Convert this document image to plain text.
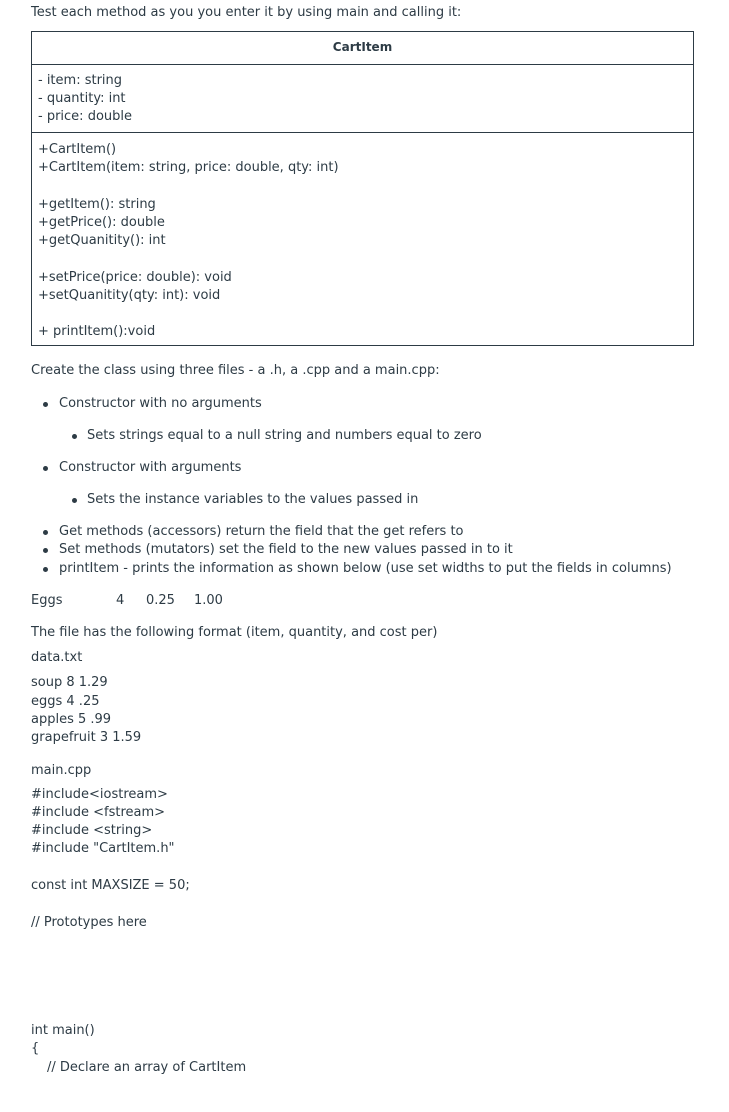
Test each method as you you enter it by using main and calling it:
CartItem
- item: string
- quantity: int
- price: double
+CartItem()
+CartItem(item: string, price: double, qty: int)
+getItem(): string
+getPrice(): double
+getQuanitity(): int
+setPrice(price: double): void
+setQuanitity(qty: int): void
+ printItem():void
Create the class using three files - a .h, a .cpp and a main.cpp:
Constructor with no arguments
Sets strings equal to a null string and numbers equal to zero
Constructor with arguments
Sets the instance variables to the values passed in
Get methods (accessors) return the field that the get refers to
Set methods (mutators) set the field to the new values passed in to it
printItem - prints the information as shown below (use set widths to put the fields in columns)
Eggs	4 0.25 1.00
The file has the following format (item, quantity, and cost per)
data.txt
soup 8 1.29
eggs 4 .25
apples 5 .99
grapefruit 3 1.59
main.cpp
#include<iostream>
#include <fstream>
#include <string>
#include "CartItem.h"
const int MAXSIZE = 50;
// Prototypes here
int main()
{
// Declare an array of CartItem
